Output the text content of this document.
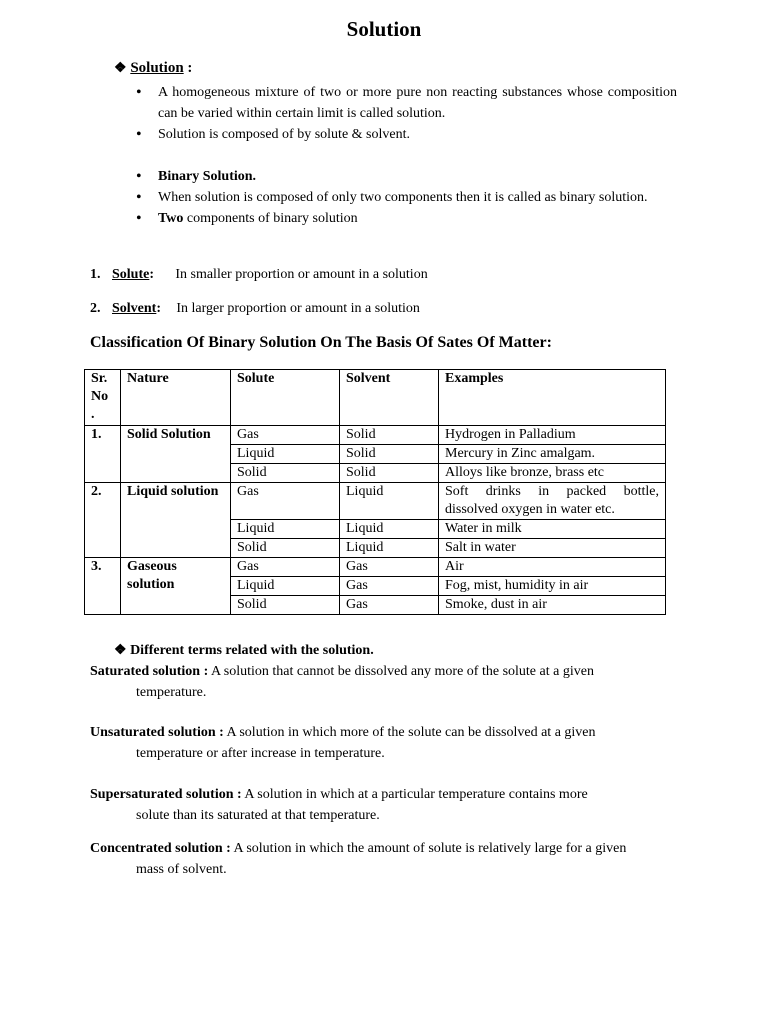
Solution
❖ Solution :
• A homogeneous mixture of two or more pure non reacting substances whose composition can be varied within certain limit is called solution.
• Solution is composed of by solute & solvent.
• Binary Solution.
• When solution is composed of only two components then it is called as binary solution.
• Two components of binary solution
1. Solute: In smaller proportion or amount in a solution
2. Solvent: In larger proportion or amount in a solution
Classification Of Binary Solution On The Basis Of Sates Of Matter:
Sr. No .	Nature	Solute	Solvent	Examples
1.	Solid Solution	Gas	Solid	Hydrogen in Palladium
		Liquid	Solid	Mercury in Zinc amalgam.
		Solid	Solid	Alloys like bronze, brass etc
2.	Liquid solution	Gas	Liquid	Soft drinks in packed bottle, dissolved oxygen in water etc.
		Liquid	Liquid	Water in milk
		Solid	Liquid	Salt in water
3.	Gaseous solution	Gas	Gas	Air
		Liquid	Gas	Fog, mist, humidity in air
		Solid	Gas	Smoke, dust in air
❖ Different terms related with the solution.
Saturated solution : A solution that cannot be dissolved any more of the solute at a given
temperature.
Unsaturated solution : A solution in which more of the solute can be dissolved at a given
temperature or after increase in temperature.
Supersaturated solution : A solution in which at a particular temperature contains more
solute than its saturated at that temperature.
Concentrated solution : A solution in which the amount of solute is relatively large for a given
mass of solvent.
